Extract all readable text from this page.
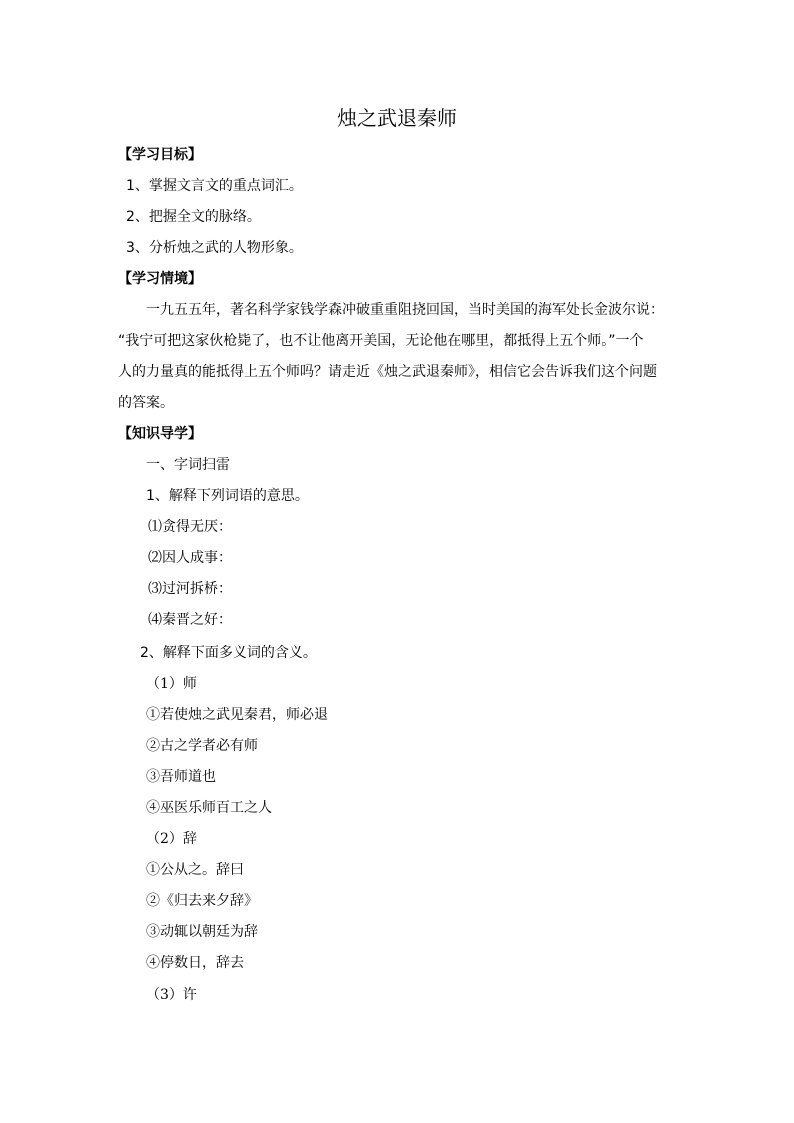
烛之武退秦师
【学习目标】
1、掌握文言文的重点词汇。
2、把握全文的脉络。
3、分析烛之武的人物形象。
【学习情境】
一九五五年，著名科学家钱学森冲破重重阻挠回国，当时美国的海军处长金波尔说：
“我宁可把这家伙枪毙了，也不让他离开美国，无论他在哪里，都抵得上五个师。”一个
人的力量真的能抵得上五个师吗？请走近《烛之武退秦师》，相信它会告诉我们这个问题
的答案。
【知识导学】
一、字词扫雷
1、解释下列词语的意思。
⑴贪得无厌：
⑵因人成事：
⑶过河拆桥：
⑷秦晋之好：
2、解释下面多义词的含义。
（1）师
①若使烛之武见秦君，师必退
②古之学者必有师
③吾师道也
④巫医乐师百工之人
（2）辞
①公从之。辞曰
②《归去来夕辞》
③动辄以朝廷为辞
④停数日，辞去
（3）许
